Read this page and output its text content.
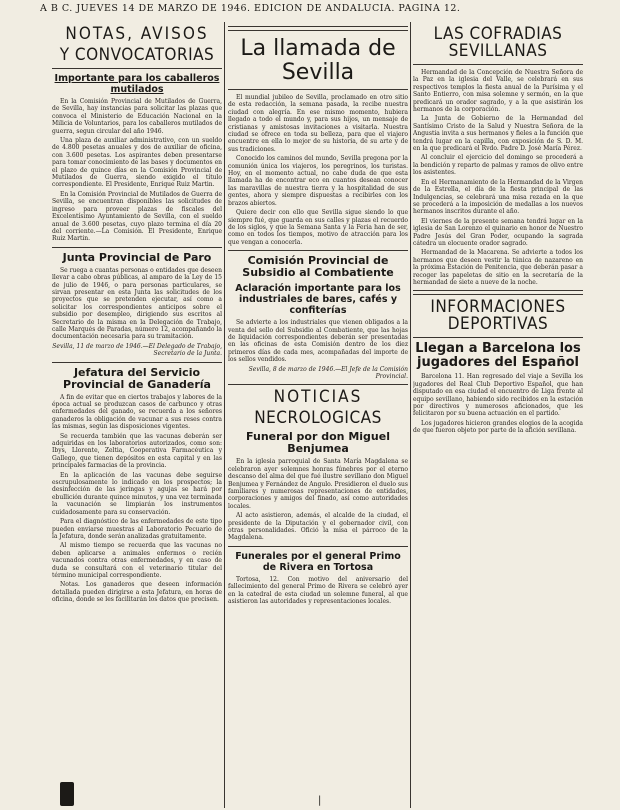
A B C. JUEVES 14 DE MARZO DE 1946. EDICION DE ANDALUCIA. PAGINA 12.
NOTAS, AVISOS
Y CONVOCATORIAS
Importante para los caballeros mutilados

En la Comisión Provincial de Mutilados de Guerra, de Sevilla, hay instancias para solicitar las plazas que convoca el Ministerio de Educación Nacional en la Milicia de Voluntarios, para los caballeros mutilados de guerra, segun circular del año 1946.

Una plaza de auxiliar administrativo, con un sueldo de 4.800 pesetas anuales y dos de auxiliar de oficina, con 3.600 pesetas. Los aspirantes deben presentarse para tomar conocimiento de las bases y documentos en el plazo de quince días en la Comisión Provincial de Mutilados de Guerra, siendo exigido el título correspondiente. El Presidente, Enrique Ruiz Martin.

En la Comisión Provincial de Mutilados de Guerra de Sevilla, se encuentran disponibles las solicitudes de ingreso para proveer plazas de fiscales del Excelentísimo Ayuntamiento de Sevilla, con el sueldo anual de 3.600 pesetas, cuyo plazo termina el día 20 del corriente.—La Comisión. El Presidente, Enrique Ruiz Martin.

Junta Provincial de Paro

Se ruega a cuantas personas o entidades que deseen llevar a cabo obras públicas, al amparo de la Ley de 15 de julio de 1946, o para personas particulares, se sirvan presentar en esta Junta las solicitudes de los proyectos que se pretenden ejecutar, así como a solicitar los correspondientes anticipos sobre el subsidio por desempleo, dirigiendo sus escritos al Secretario de la misma en la Delegación de Trabajo, calle Marqués de Paradas, número 12, acompañando la documentación necesaria para su tramitación.

Sevilla, 11 de marzo de 1946.—El Delegado de Trabajo, Secretario de la Junta.

Jefatura del Servicio Provincial de Ganadería

A fin de evitar que en ciertos trabajos y labores de la época actual se produzcan casos de carbunco y otras enfermedades del ganado, se recuerda a los señores ganaderos la obligación de vacunar a sus reses contra las mismas, según las disposiciones vigentes.

Se recuerda también que las vacunas deberán ser adquiridas en los laboratorios autorizados, como son: Ibys, Llorente, Zeltia, Cooperativa Farmacéutica y Gallego, que tienen depósitos en esta capital y en las principales farmacias de la provincia.

En la aplicación de las vacunas debe seguirse escrupulosamente lo indicado en los prospectos; la desinfección de las jeringas y agujas se hará por ebullición durante quince minutos, y una vez terminada la vacunación se limpiarán los instrumentos cuidadosamente para su conservación.

Para el diagnóstico de las enfermedades de este tipo pueden enviarse muestras al Laboratorio Pecuario de la Jefatura, donde serán analizadas gratuitamente.

Al mismo tiempo se recuerda que las vacunas no deben aplicarse a animales enfermos o recién vacunados contra otras enfermedades, y en caso de duda se consultará con el veterinario titular del término municipal correspondiente.

Notas. Los ganaderos que deseen información detallada pueden dirigirse a esta Jefatura, en horas de oficina, donde se les facilitarán los datos que precisen.

La llamada de Sevilla

El mundial jubileo de Sevilla, proclamado en otro sitio de esta redacción, la semana pasada, la recibe nuestra ciudad con alegría. En ese mismo momento, hubiera llegado a todo el mundo y, para sus hijos, un mensaje de cristianas y amistosas invitaciones a visitarla. Nuestra ciudad se ofrece en toda su belleza, para que el viajero encuentre en ella lo mejor de su historia, de su arte y de sus tradiciones.

Conocido los caminos del mundo, Sevilla pregona por la comunión única los viajeros, los peregrinos, los turistas. Hoy, en el momento actual, no cabe duda de que esta llamada ha de encontrar eco en cuantos desean conocer las maravillas de nuestra tierra y la hospitalidad de sus gentes, ahora y siempre dispuestas a recibirles con los brazos abiertos.

Quiere decir con ello que Sevilla sigue siendo lo que siempre fué, que guarda en sus calles y plazas el recuerdo de los siglos, y que la Semana Santa y la Feria han de ser, como en todos los tiempos, motivo de atracción para los que vengan a conocerla.

Comisión Provincial de Subsidio al Combatiente
Aclaración importante para los industriales de bares, cafés y confiterías

Se advierte a los industriales que vienen obligados a la venta del sello del Subsidio al Combatiente, que las hojas de liquidación correspondientes deberán ser presentadas en las oficinas de esta Comisión dentro de los diez primeros días de cada mes, acompañadas del importe de los sellos vendidos.

Sevilla, 8 de marzo de 1946.—El Jefe de la Comisión Provincial.

NOTICIAS
NECROLOGICAS
Funeral por don Miguel Benjumea

En la iglesia parroquial de Santa María Magdalena se celebraron ayer solemnes honras fúnebres por el eterno descanso del alma del que fué ilustre sevillano don Miguel Benjumea y Fernández de Angulo. Presidieron el duelo sus familiares y numerosas representaciones de entidades, corporaciones y amigos del finado, así como autoridades locales.

Al acto asistieron, además, el alcalde de la ciudad, el presidente de la Diputación y el gobernador civil, con otras personalidades. Ofició la misa el párroco de la Magdalena.

Funerales por el general Primo de Rivera en Tortosa

Tortosa, 12. Con motivo del aniversario del fallecimiento del general Primo de Rivera se celebró ayer en la catedral de esta ciudad un solemne funeral, al que asistieron las autoridades y representaciones locales.

LAS COFRADIAS SEVILLANAS

Hermandad de la Concepción de Nuestra Señora de la Paz en la iglesia del Valle, se celebrará en sus respectivos templos la fiesta anual de la Purísima y el Santo Entierro, con misa solemne y sermón, en la que predicará un orador sagrado, y a la que asistirán los hermanos de la corporación.

La Junta de Gobierno de la Hermandad del Santísimo Cristo de la Salud y Nuestra Señora de la Angustia invita a sus hermanos y fieles a la función que tendrá lugar en la capilla, con exposición de S. D. M. en la que predicará el Rvdo. Padre D. José María Pérez.

Al concluir el ejercicio del domingo se procederá a la bendición y reparto de palmas y ramos de olivo entre los asistentes.

En el Hermanamiento de la Hermandad de la Virgen de la Estrella, el día de la fiesta principal de las Indulgencias, se celebrará una misa rezada en la que se procederá a la imposición de medallas a los nuevos hermanos inscritos durante el año.

El viernes de la presente semana tendrá lugar en la iglesia de San Lorenzo el quinario en honor de Nuestro Padre Jesús del Gran Poder, ocupando la sagrada cátedra un elocuente orador sagrado.

Hermandad de la Macarena. Se advierte a todos los hermanos que deseen vestir la túnica de nazareno en la próxima Estación de Penitencia, que deberán pasar a recoger las papeletas de sitio en la secretaría de la hermandad de siete a nueve de la noche.

INFORMACIONES DEPORTIVAS
Llegan a Barcelona los jugadores del Español

Barcelona 11. Han regresado del viaje a Sevilla los jugadores del Real Club Deportivo Español, que han disputado en esa ciudad el encuentro de Liga frente al equipo sevillano, habiendo sido recibidos en la estación por directivos y numerosos aficionados, que les felicitaron por su buena actuación en el partido.

Los jugadores hicieron grandes elogios de la acogida de que fueron objeto por parte de la afición sevillana.

|
